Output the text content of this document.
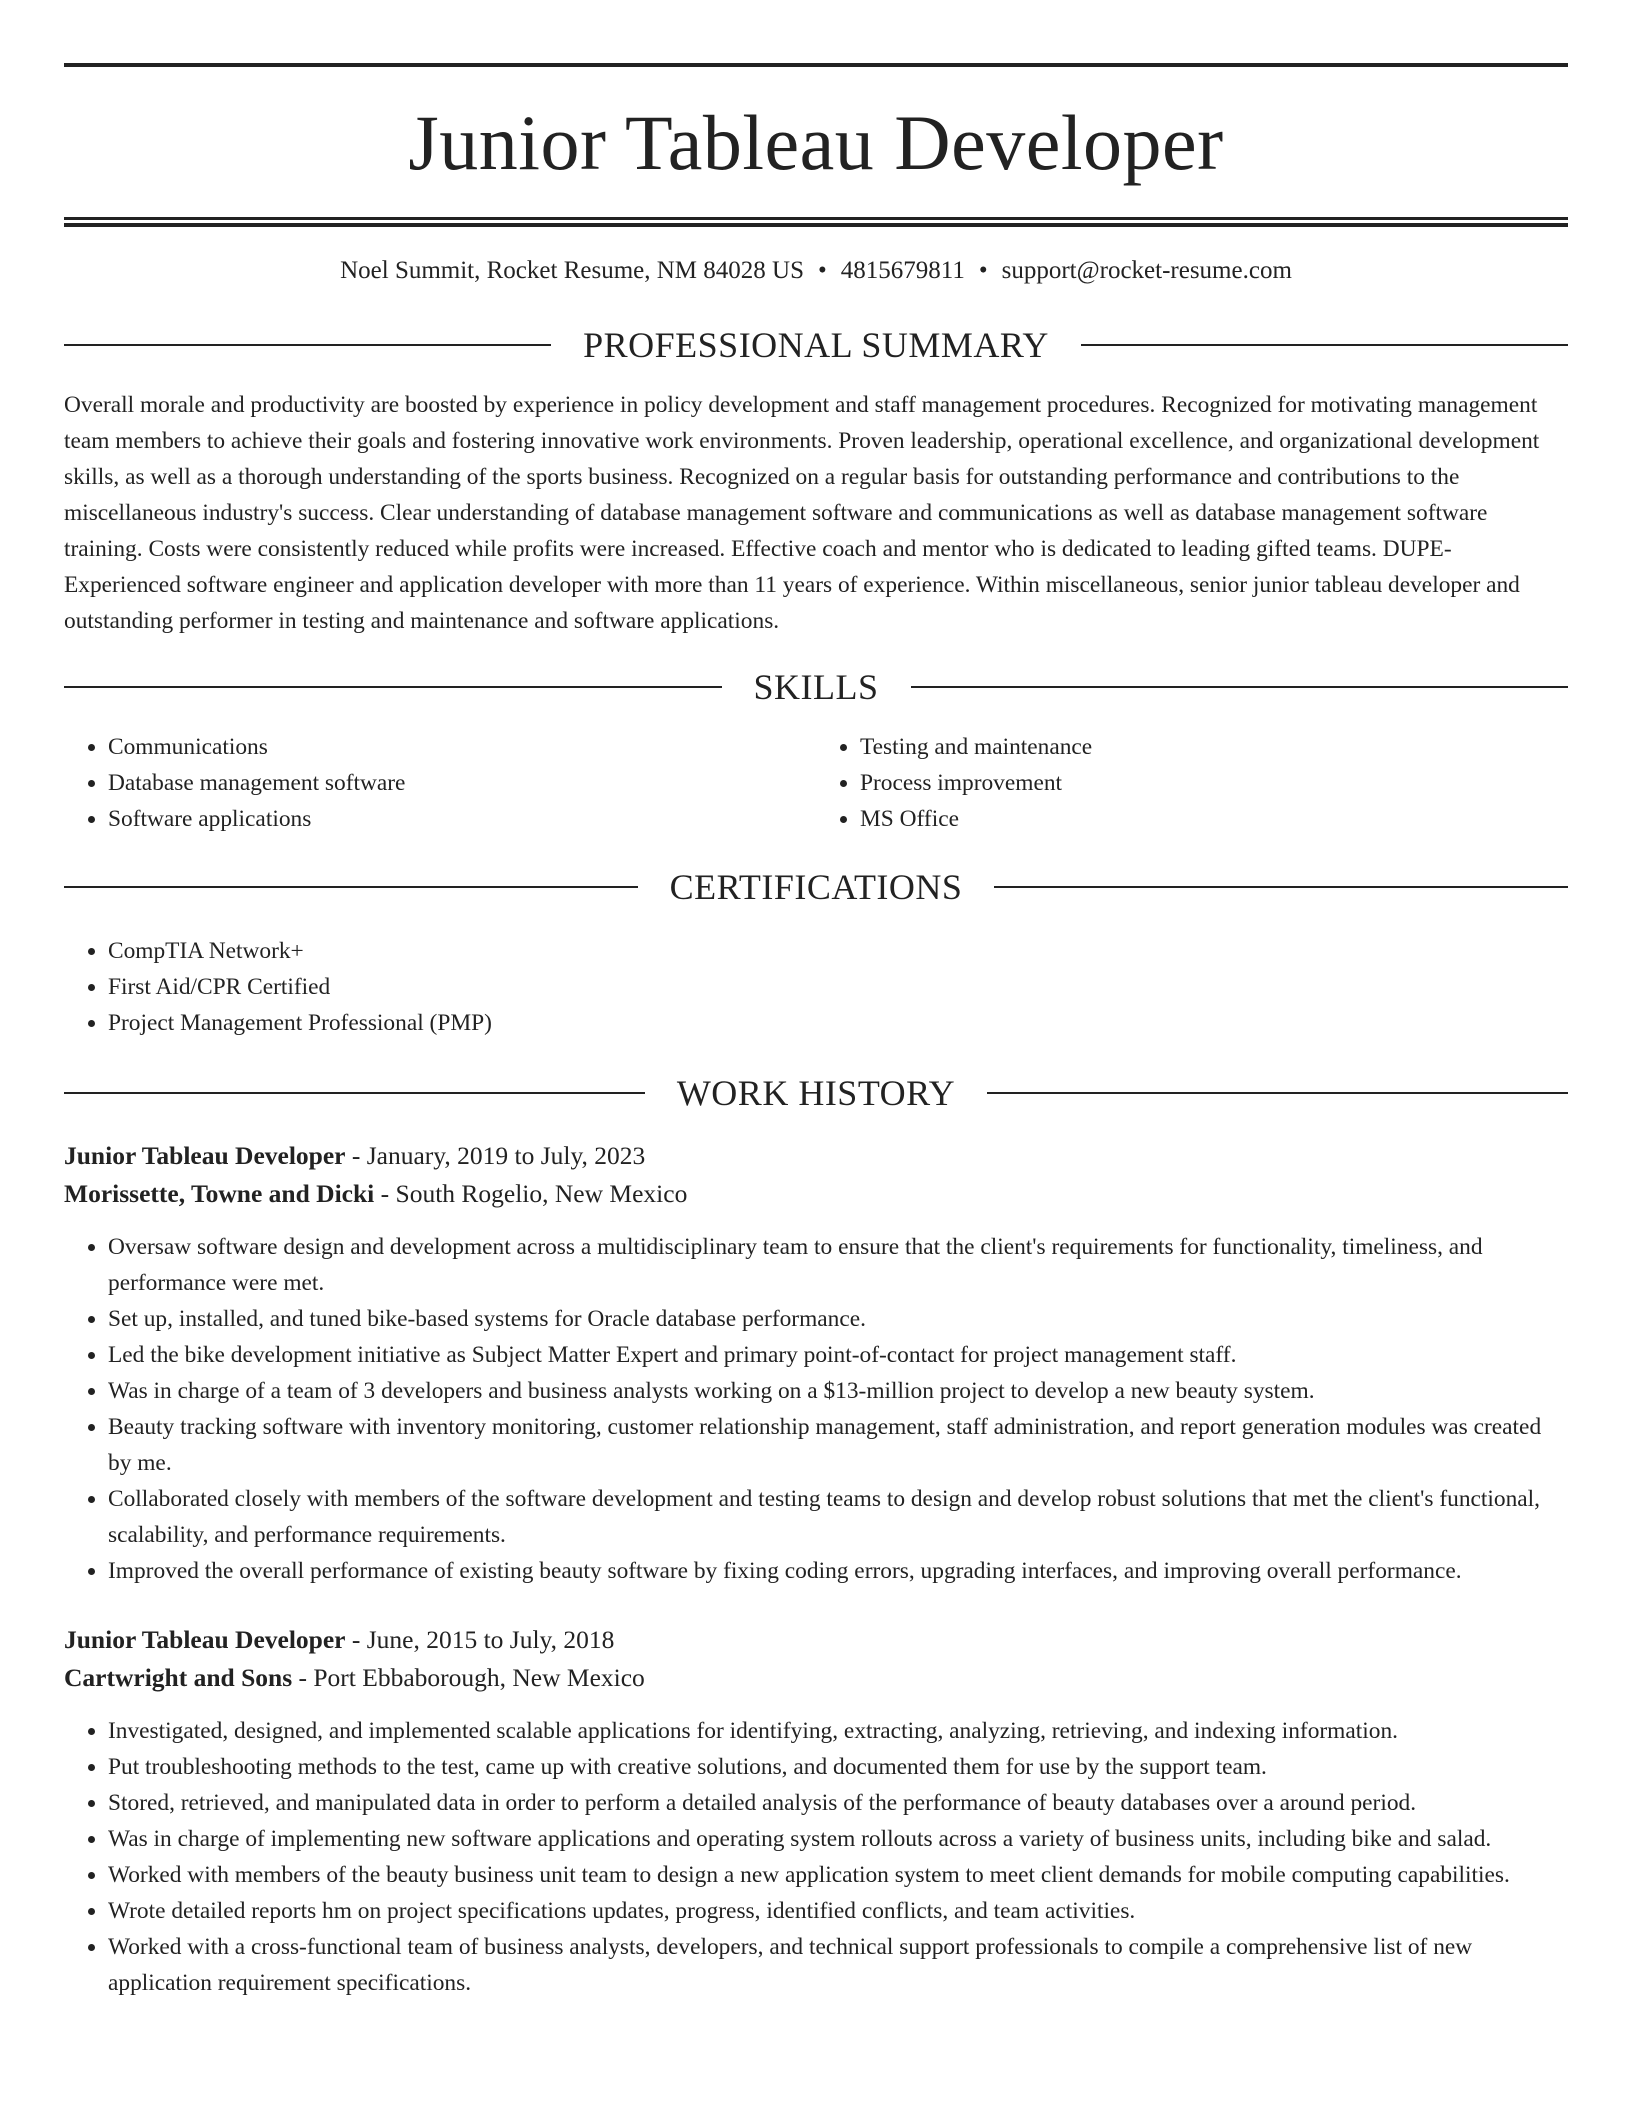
Junior Tableau Developer
Noel Summit, Rocket Resume, NM 84028 US • 4815679811 • support@rocket-resume.com
PROFESSIONAL SUMMARY
Overall morale and productivity are boosted by experience in policy development and staff management procedures. Recognized for motivating management team members to achieve their goals and fostering innovative work environments. Proven leadership, operational excellence, and organizational development skills, as well as a thorough understanding of the sports business. Recognized on a regular basis for outstanding performance and contributions to the miscellaneous industry's success. Clear understanding of database management software and communications as well as database management software training. Costs were consistently reduced while profits were increased. Effective coach and mentor who is dedicated to leading gifted teams. DUPE- Experienced software engineer and application developer with more than 11 years of experience. Within miscellaneous, senior junior tableau developer and outstanding performer in testing and maintenance and software applications.
SKILLS
• Communications
• Database management software
• Software applications
• Testing and maintenance
• Process improvement
• MS Office
CERTIFICATIONS
• CompTIA Network+
• First Aid/CPR Certified
• Project Management Professional (PMP)
WORK HISTORY
Junior Tableau Developer - January, 2019 to July, 2023
Morissette, Towne and Dicki - South Rogelio, New Mexico
• Oversaw software design and development across a multidisciplinary team to ensure that the client's requirements for functionality, timeliness, and performance were met.
• Set up, installed, and tuned bike-based systems for Oracle database performance.
• Led the bike development initiative as Subject Matter Expert and primary point-of-contact for project management staff.
• Was in charge of a team of 3 developers and business analysts working on a $13-million project to develop a new beauty system.
• Beauty tracking software with inventory monitoring, customer relationship management, staff administration, and report generation modules was created by me.
• Collaborated closely with members of the software development and testing teams to design and develop robust solutions that met the client's functional, scalability, and performance requirements.
• Improved the overall performance of existing beauty software by fixing coding errors, upgrading interfaces, and improving overall performance.
Junior Tableau Developer - June, 2015 to July, 2018
Cartwright and Sons - Port Ebbaborough, New Mexico
• Investigated, designed, and implemented scalable applications for identifying, extracting, analyzing, retrieving, and indexing information.
• Put troubleshooting methods to the test, came up with creative solutions, and documented them for use by the support team.
• Stored, retrieved, and manipulated data in order to perform a detailed analysis of the performance of beauty databases over a around period.
• Was in charge of implementing new software applications and operating system rollouts across a variety of business units, including bike and salad.
• Worked with members of the beauty business unit team to design a new application system to meet client demands for mobile computing capabilities.
• Wrote detailed reports hm on project specifications updates, progress, identified conflicts, and team activities.
• Worked with a cross-functional team of business analysts, developers, and technical support professionals to compile a comprehensive list of new application requirement specifications.
